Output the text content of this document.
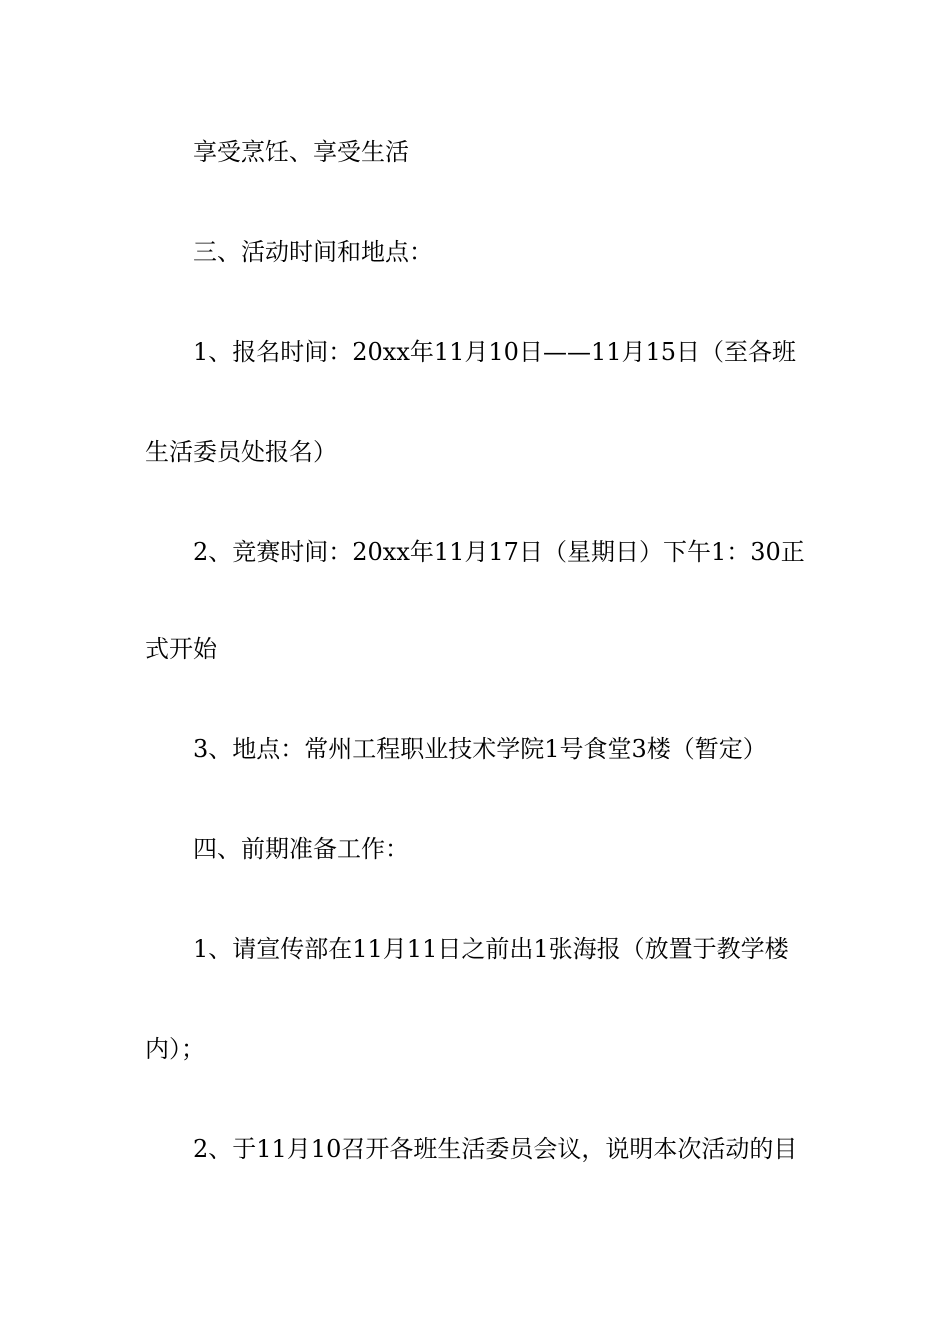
享受烹饪、享受生活
三、活动时间和地点：
1、报名时间：20xx年11月10日——11月15日（至各班
生活委员处报名）
2、竞赛时间：20xx年11月17日（星期日）下午1：30正
式开始
3、地点：常州工程职业技术学院1号食堂3楼（暂定）
四、前期准备工作：
1、请宣传部在11月11日之前出1张海报（放置于教学楼
内）；
2、于11月10召开各班生活委员会议，说明本次活动的目
